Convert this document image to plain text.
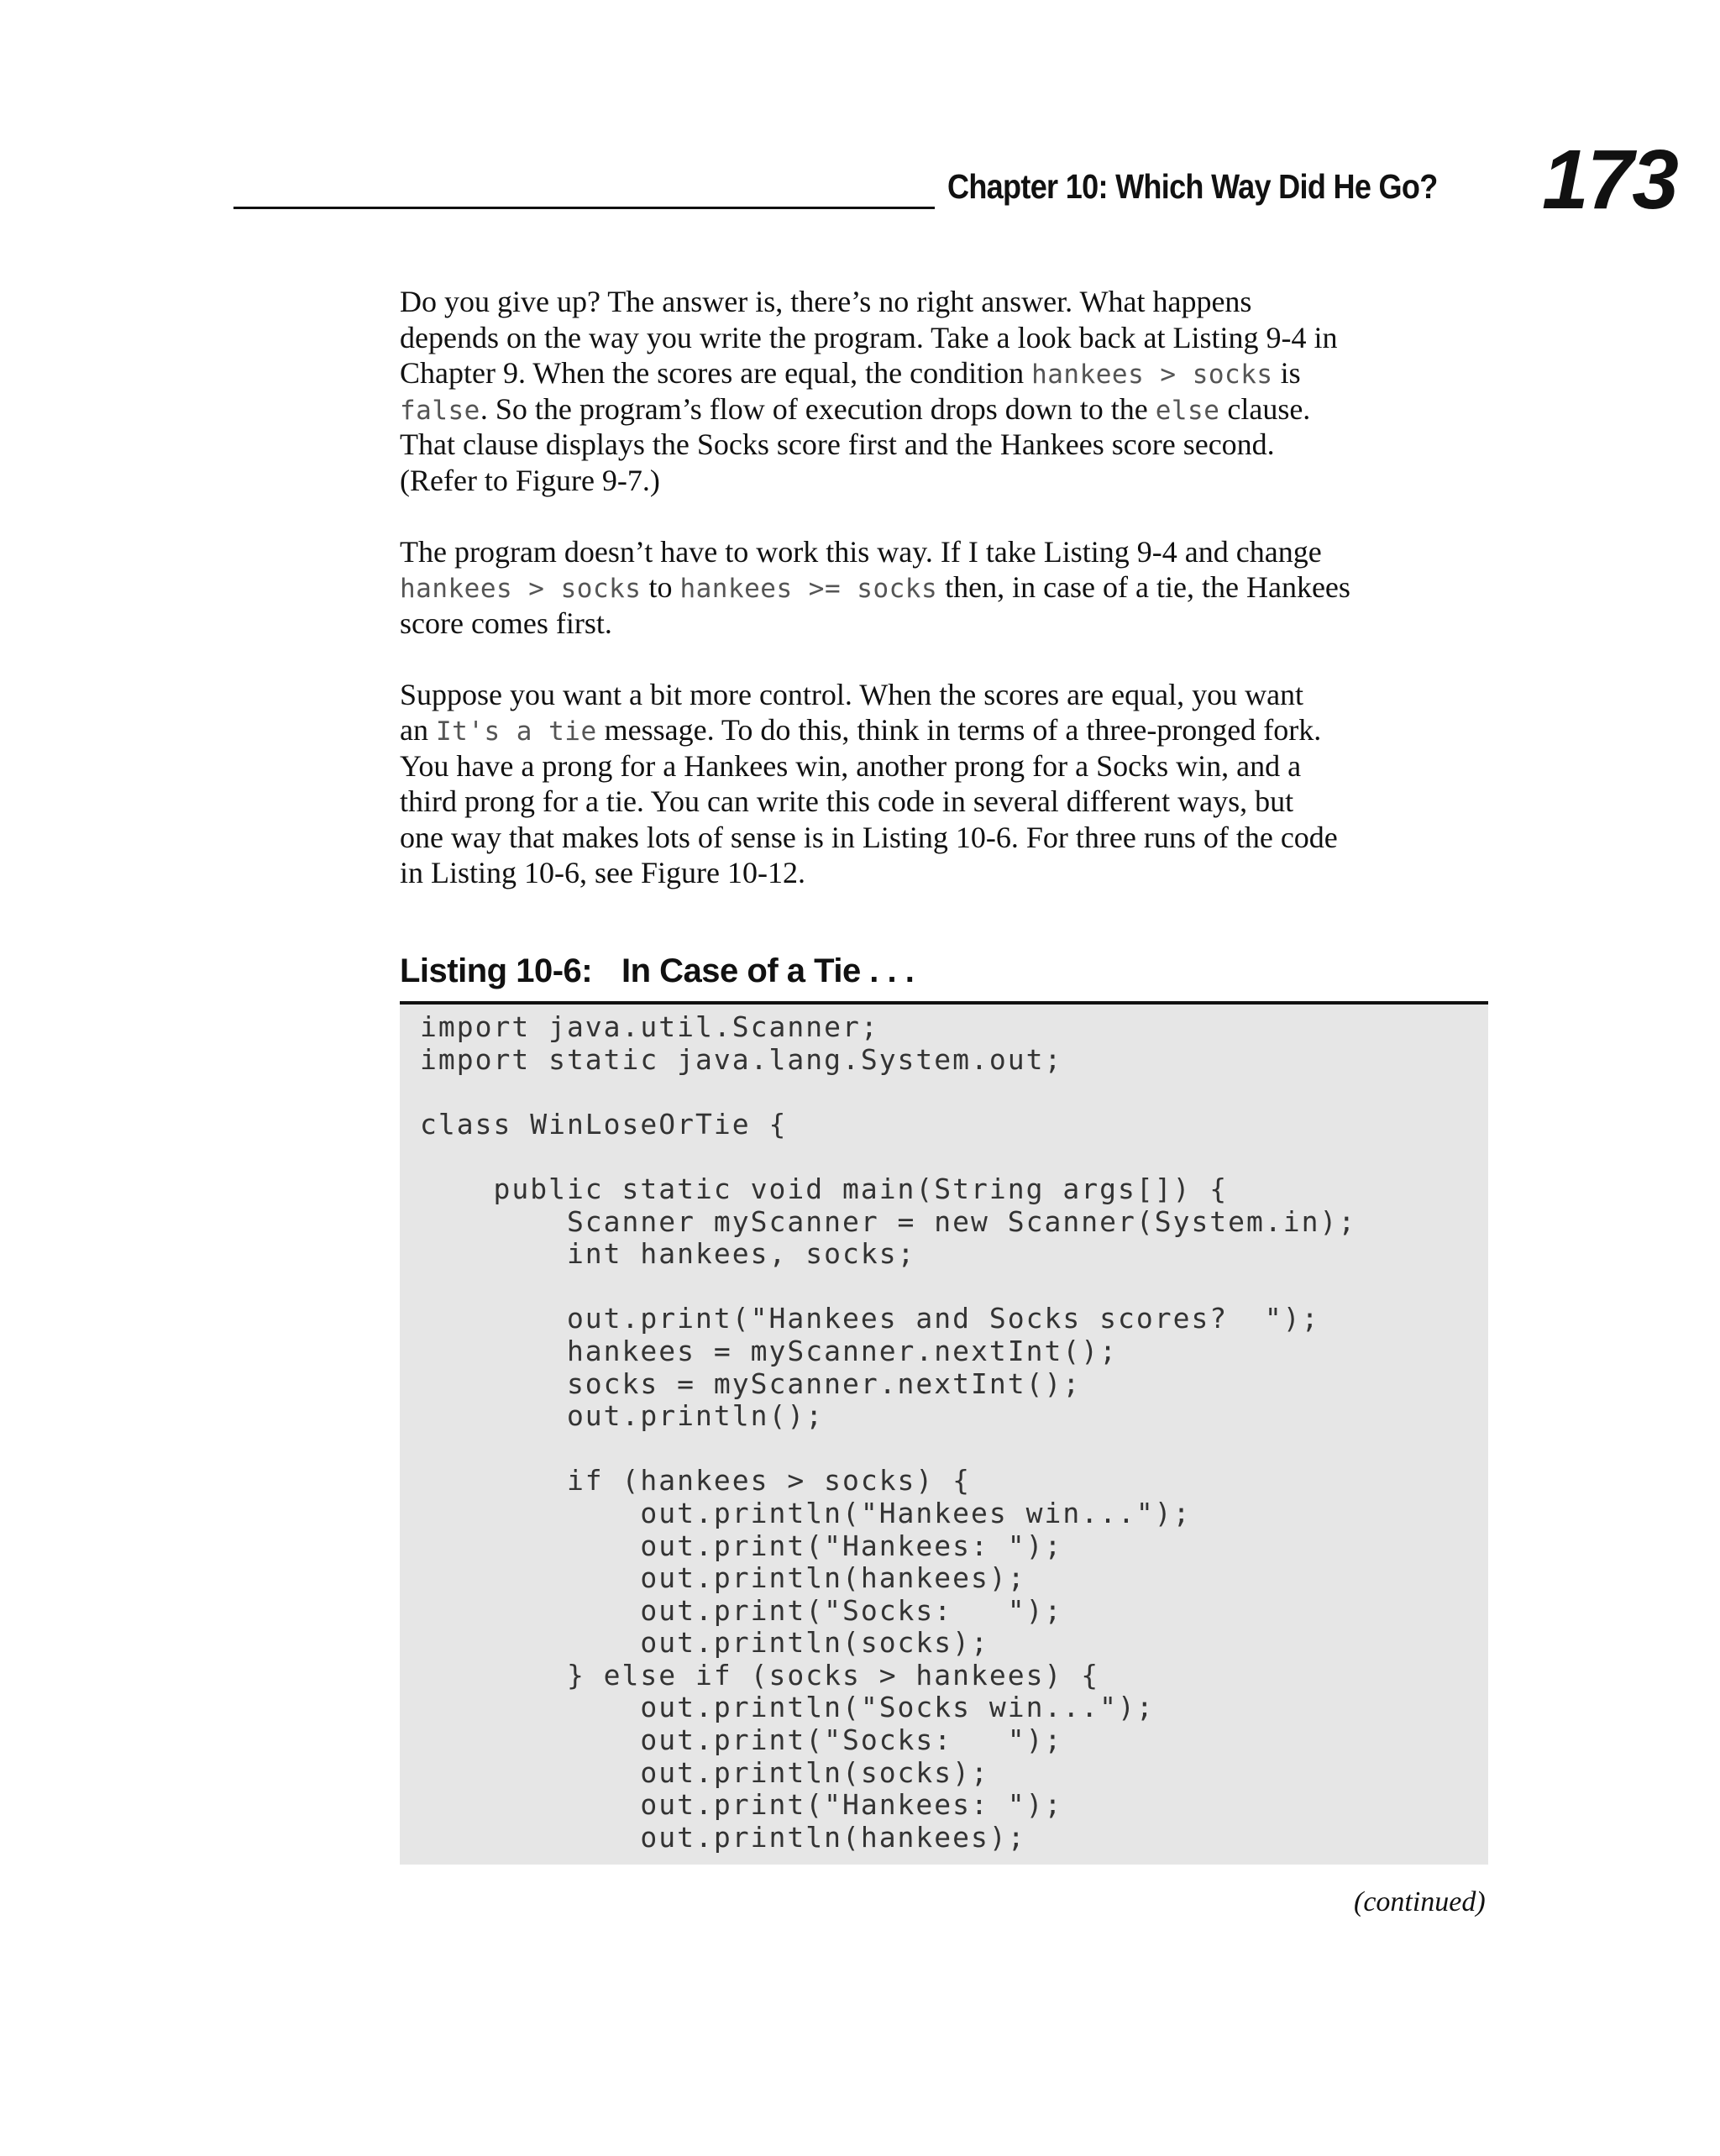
Chapter 10: Which Way Did He Go? 173
Do you give up? The answer is, there’s no right answer. What happens
depends on the way you write the program. Take a look back at Listing 9-4 in
Chapter 9. When the scores are equal, the condition hankees > socks is
false. So the program’s flow of execution drops down to the else clause.
That clause displays the Socks score first and the Hankees score second.
(Refer to Figure 9-7.)
The program doesn’t have to work this way. If I take Listing 9-4 and change
hankees > socks to hankees >= socks then, in case of a tie, the Hankees
score comes first.
Suppose you want a bit more control. When the scores are equal, you want
an It's a tie message. To do this, think in terms of a three-pronged fork.
You have a prong for a Hankees win, another prong for a Socks win, and a
third prong for a tie. You can write this code in several different ways, but
one way that makes lots of sense is in Listing 10-6. For three runs of the code
in Listing 10-6, see Figure 10-12.
Listing 10-6: In Case of a Tie . . .
import java.util.Scanner;
import static java.lang.System.out;
class WinLoseOrTie {
public static void main(String args[]) {
Scanner myScanner = new Scanner(System.in);
int hankees, socks;
out.print("Hankees and Socks scores?  ");
hankees = myScanner.nextInt();
socks = myScanner.nextInt();
out.println();
if (hankees > socks) {
out.println("Hankees win...");
out.print("Hankees: ");
out.println(hankees);
out.print("Socks:   ");
out.println(socks);
} else if (socks > hankees) {
out.println("Socks win...");
out.print("Socks:   ");
out.println(socks);
out.print("Hankees: ");
out.println(hankees);
(continued)
